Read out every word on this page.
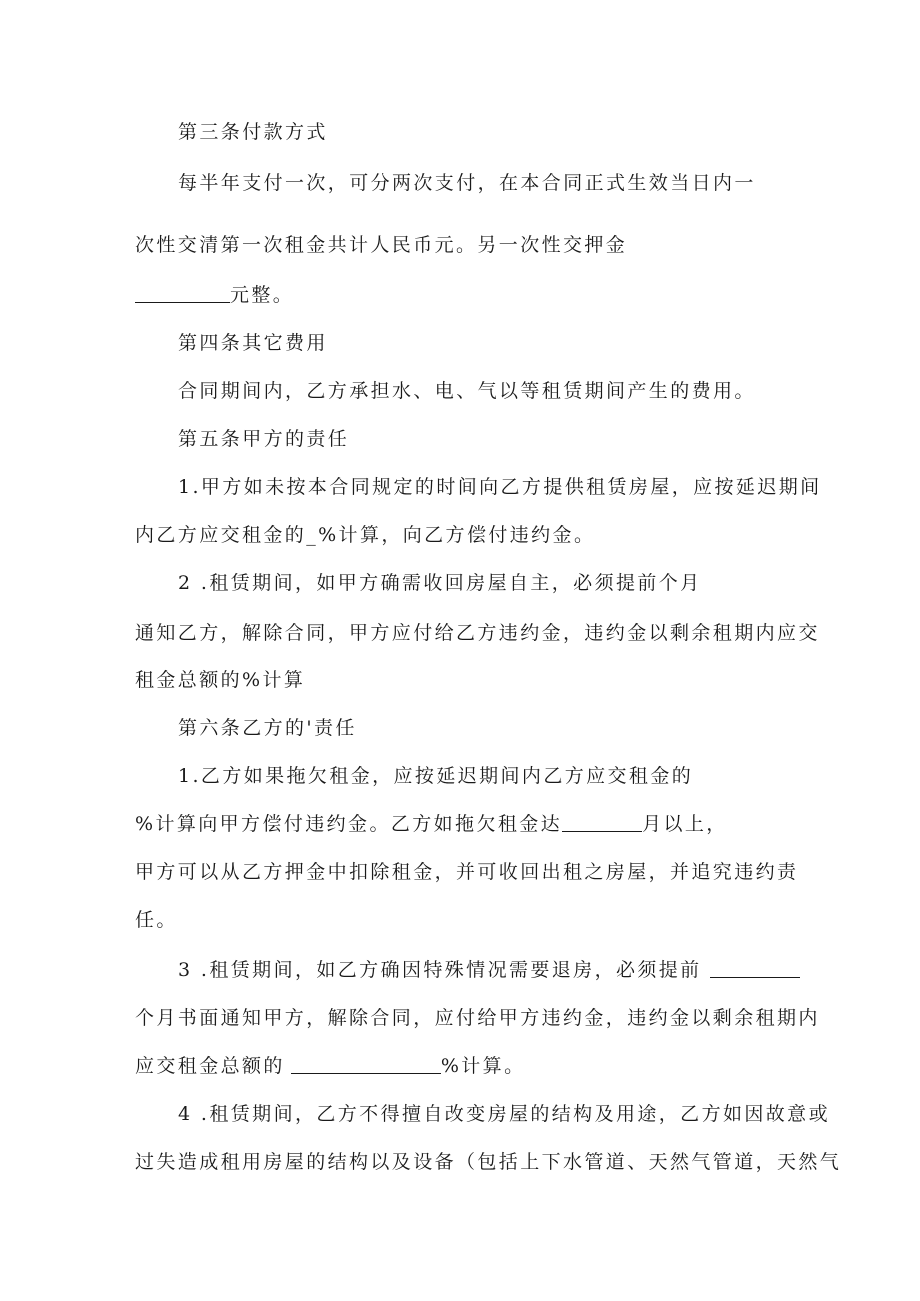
第三条付款方式
每半年支付一次，可分两次支付，在本合同正式生效当日内一
次性交清第一次租金共计人民币元。另一次性交押金
元整。
第四条其它费用
合同期间内，乙方承担水、电、气以等租赁期间产生的费用。
第五条甲方的责任
1.甲方如未按本合同规定的时间向乙方提供租赁房屋，应按延迟期间
内乙方应交租金的_%计算，向乙方偿付违约金。
2 .租赁期间，如甲方确需收回房屋自主，必须提前个月
通知乙方，解除合同，甲方应付给乙方违约金，违约金以剩余租期内应交
租金总额的%计算
第六条乙方的'责任
1.乙方如果拖欠租金，应按延迟期间内乙方应交租金的
%计算向甲方偿付违约金。乙方如拖欠租金达	月以上，
甲方可以从乙方押金中扣除租金，并可收回出租之房屋，并追究违约责
任。
3 .租赁期间，如乙方确因特殊情况需要退房，必须提前
个月书面通知甲方，解除合同，应付给甲方违约金，违约金以剩余租期内
应交租金总额的	%计算。
4 .租赁期间，乙方不得擅自改变房屋的结构及用途，乙方如因故意或
过失造成租用房屋的结构以及设备（包括上下水管道、天然气管道，天然气
